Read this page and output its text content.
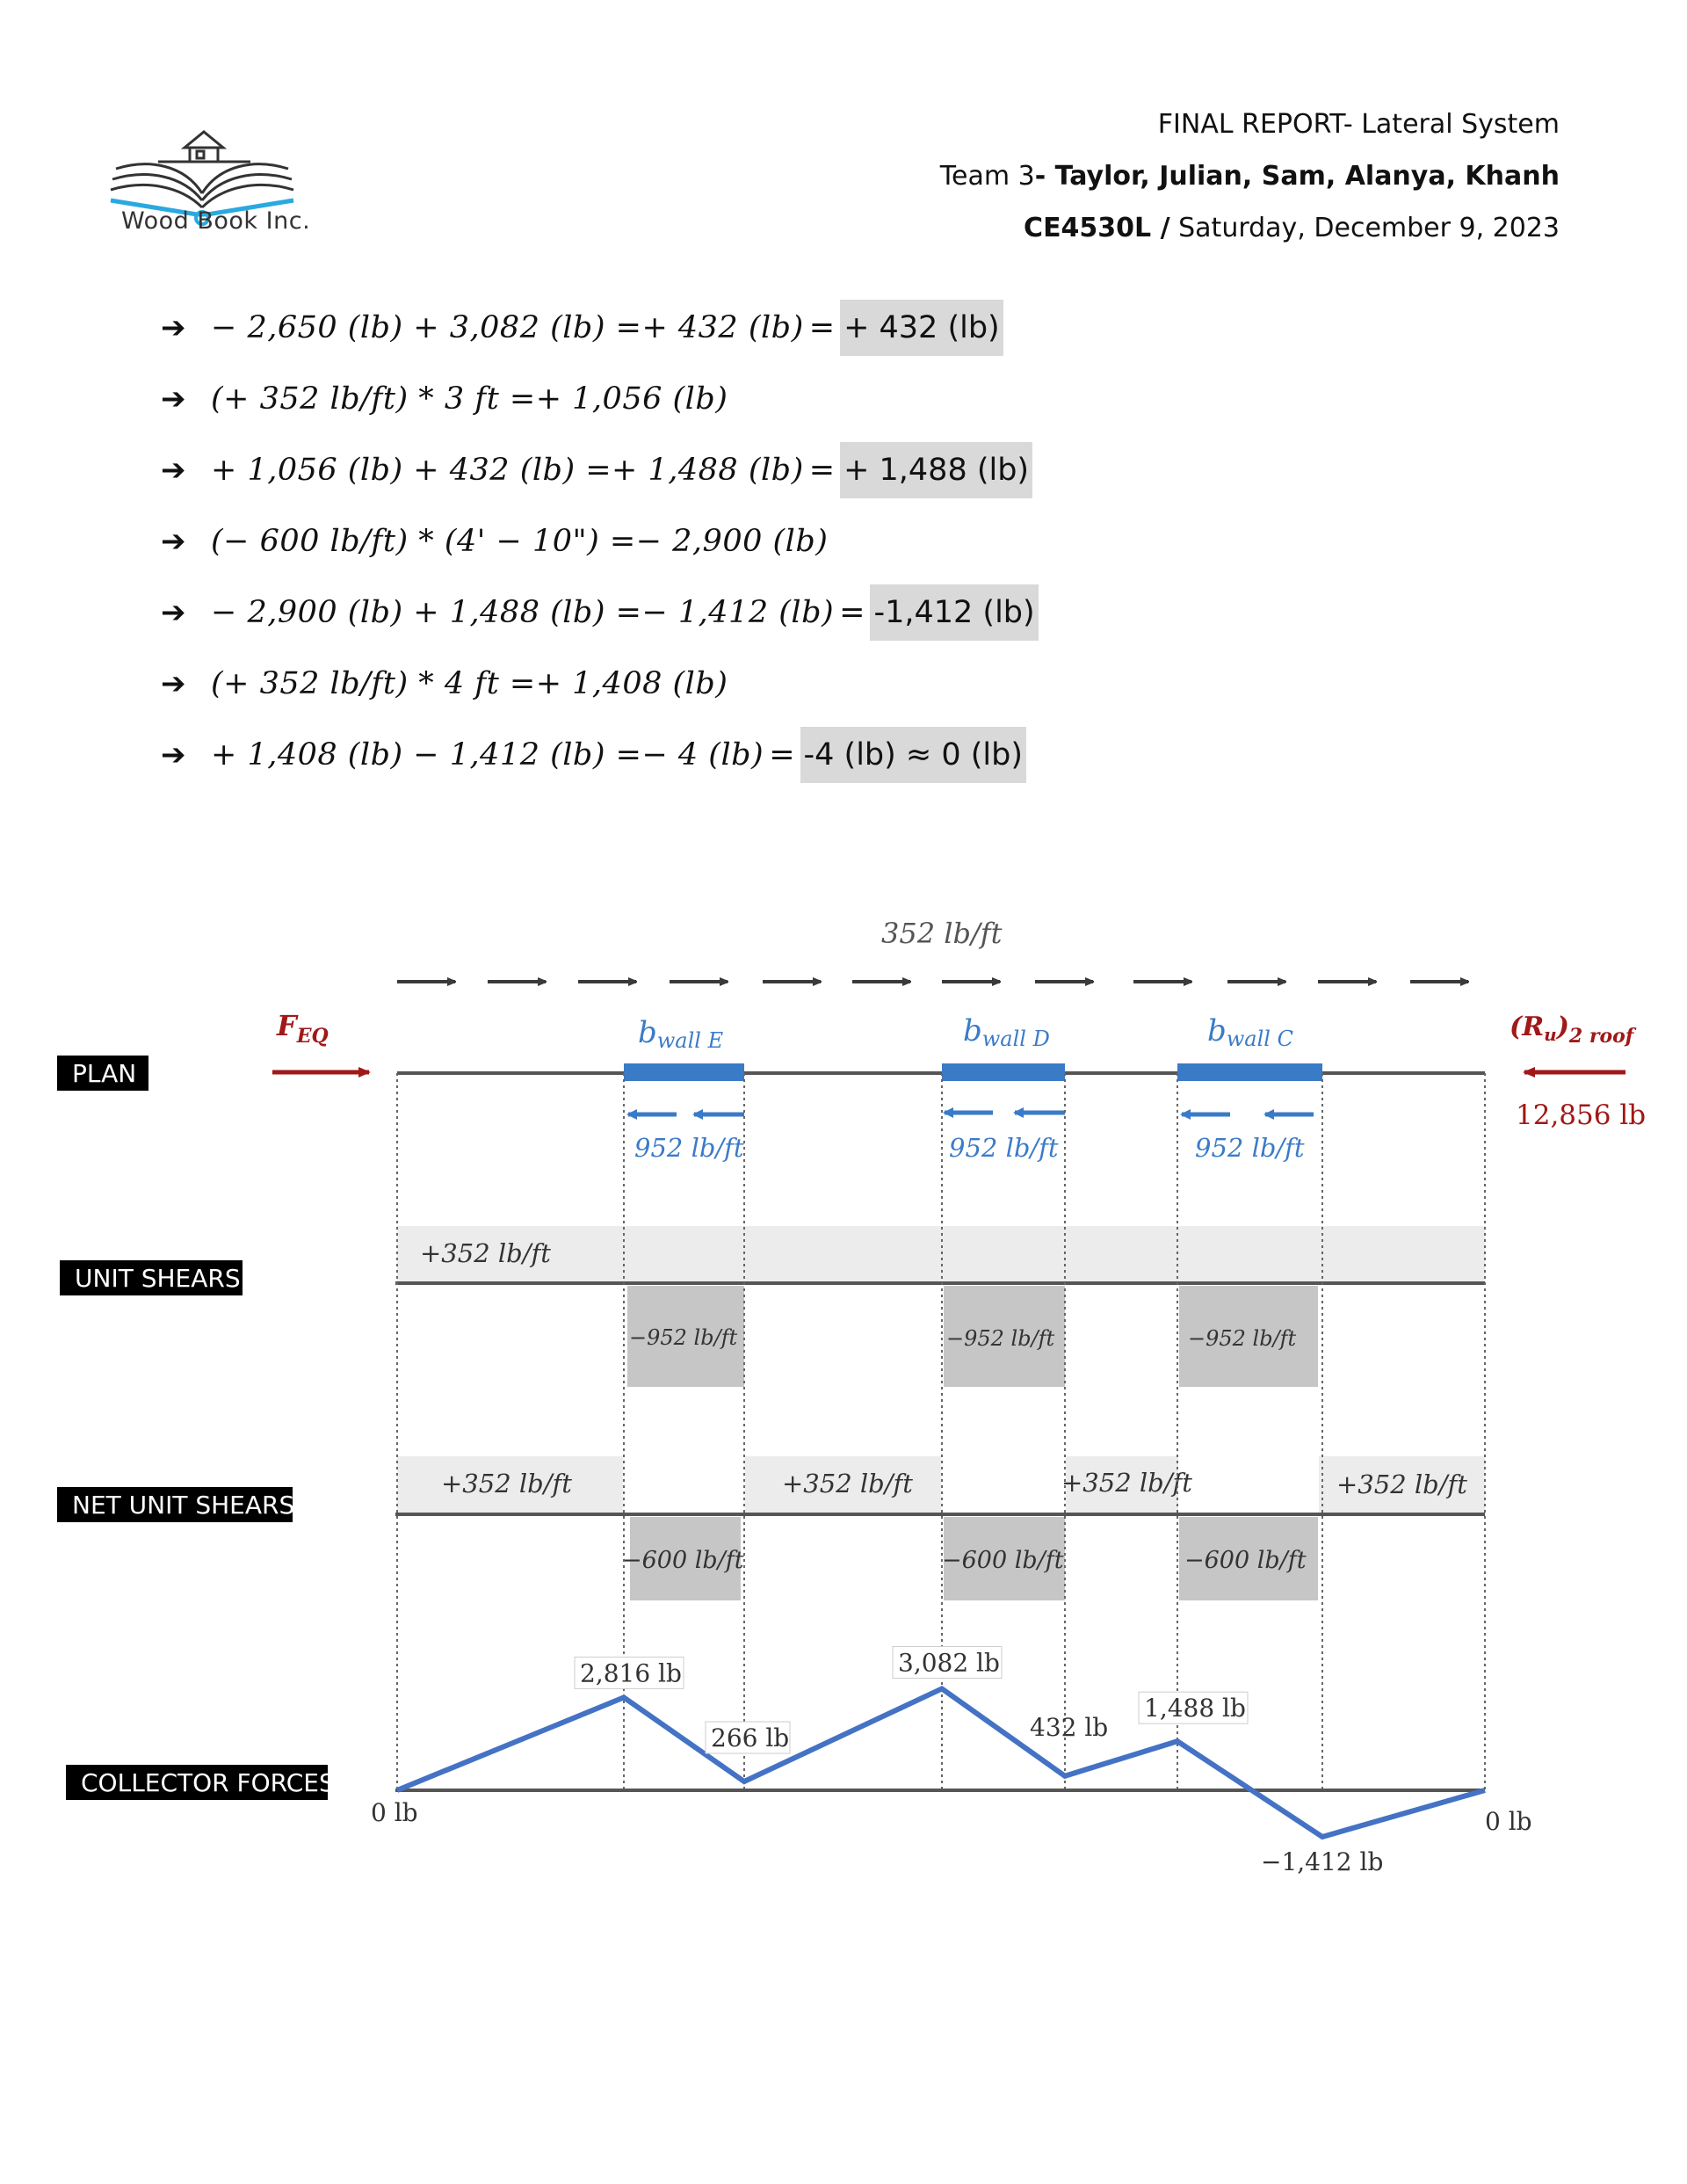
Wood Book Inc.
FINAL REPORT- Lateral System
Team 3- Taylor, Julian, Sam, Alanya, Khanh
CE4530L / Saturday, December 9, 2023
➔ − 2,650 (lb) + 3,082 (lb) =+ 432 (lb) = + 432 (lb)
➔ (+ 352 lb/ft) * 3 ft =+ 1,056 (lb)
➔ + 1,056 (lb) + 432 (lb) =+ 1,488 (lb) = + 1,488 (lb)
➔ (− 600 lb/ft) * (4' − 10") =− 2,900 (lb)
➔ − 2,900 (lb) + 1,488 (lb) =− 1,412 (lb) = -1,412 (lb)
➔ (+ 352 lb/ft) * 4 ft =+ 1,408 (lb)
➔ + 1,408 (lb) − 1,412 (lb) =− 4 (lb) = -4 (lb) ≈ 0 (lb)
PLAN
UNIT SHEARS
NET UNIT SHEARS
COLLECTOR FORCES
352 lb/ft
bwall E	bwall D	bwall C
952 lb/ft	952 lb/ft	952 lb/ft
$F_{EQ}$	$(R_u)_{2 roof}$
12,856 lb
+352 lb/ft
−952 lb/ft	−952 lb/ft	−952 lb/ft
+352 lb/ft	+352 lb/ft	+352 lb/ft	+352 lb/ft
−600 lb/ft	−600 lb/ft	−600 lb/ft
0 lb
2,816 lb
266 lb
3,082 lb
432 lb
1,488 lb
−1,412 lb
0 lb
